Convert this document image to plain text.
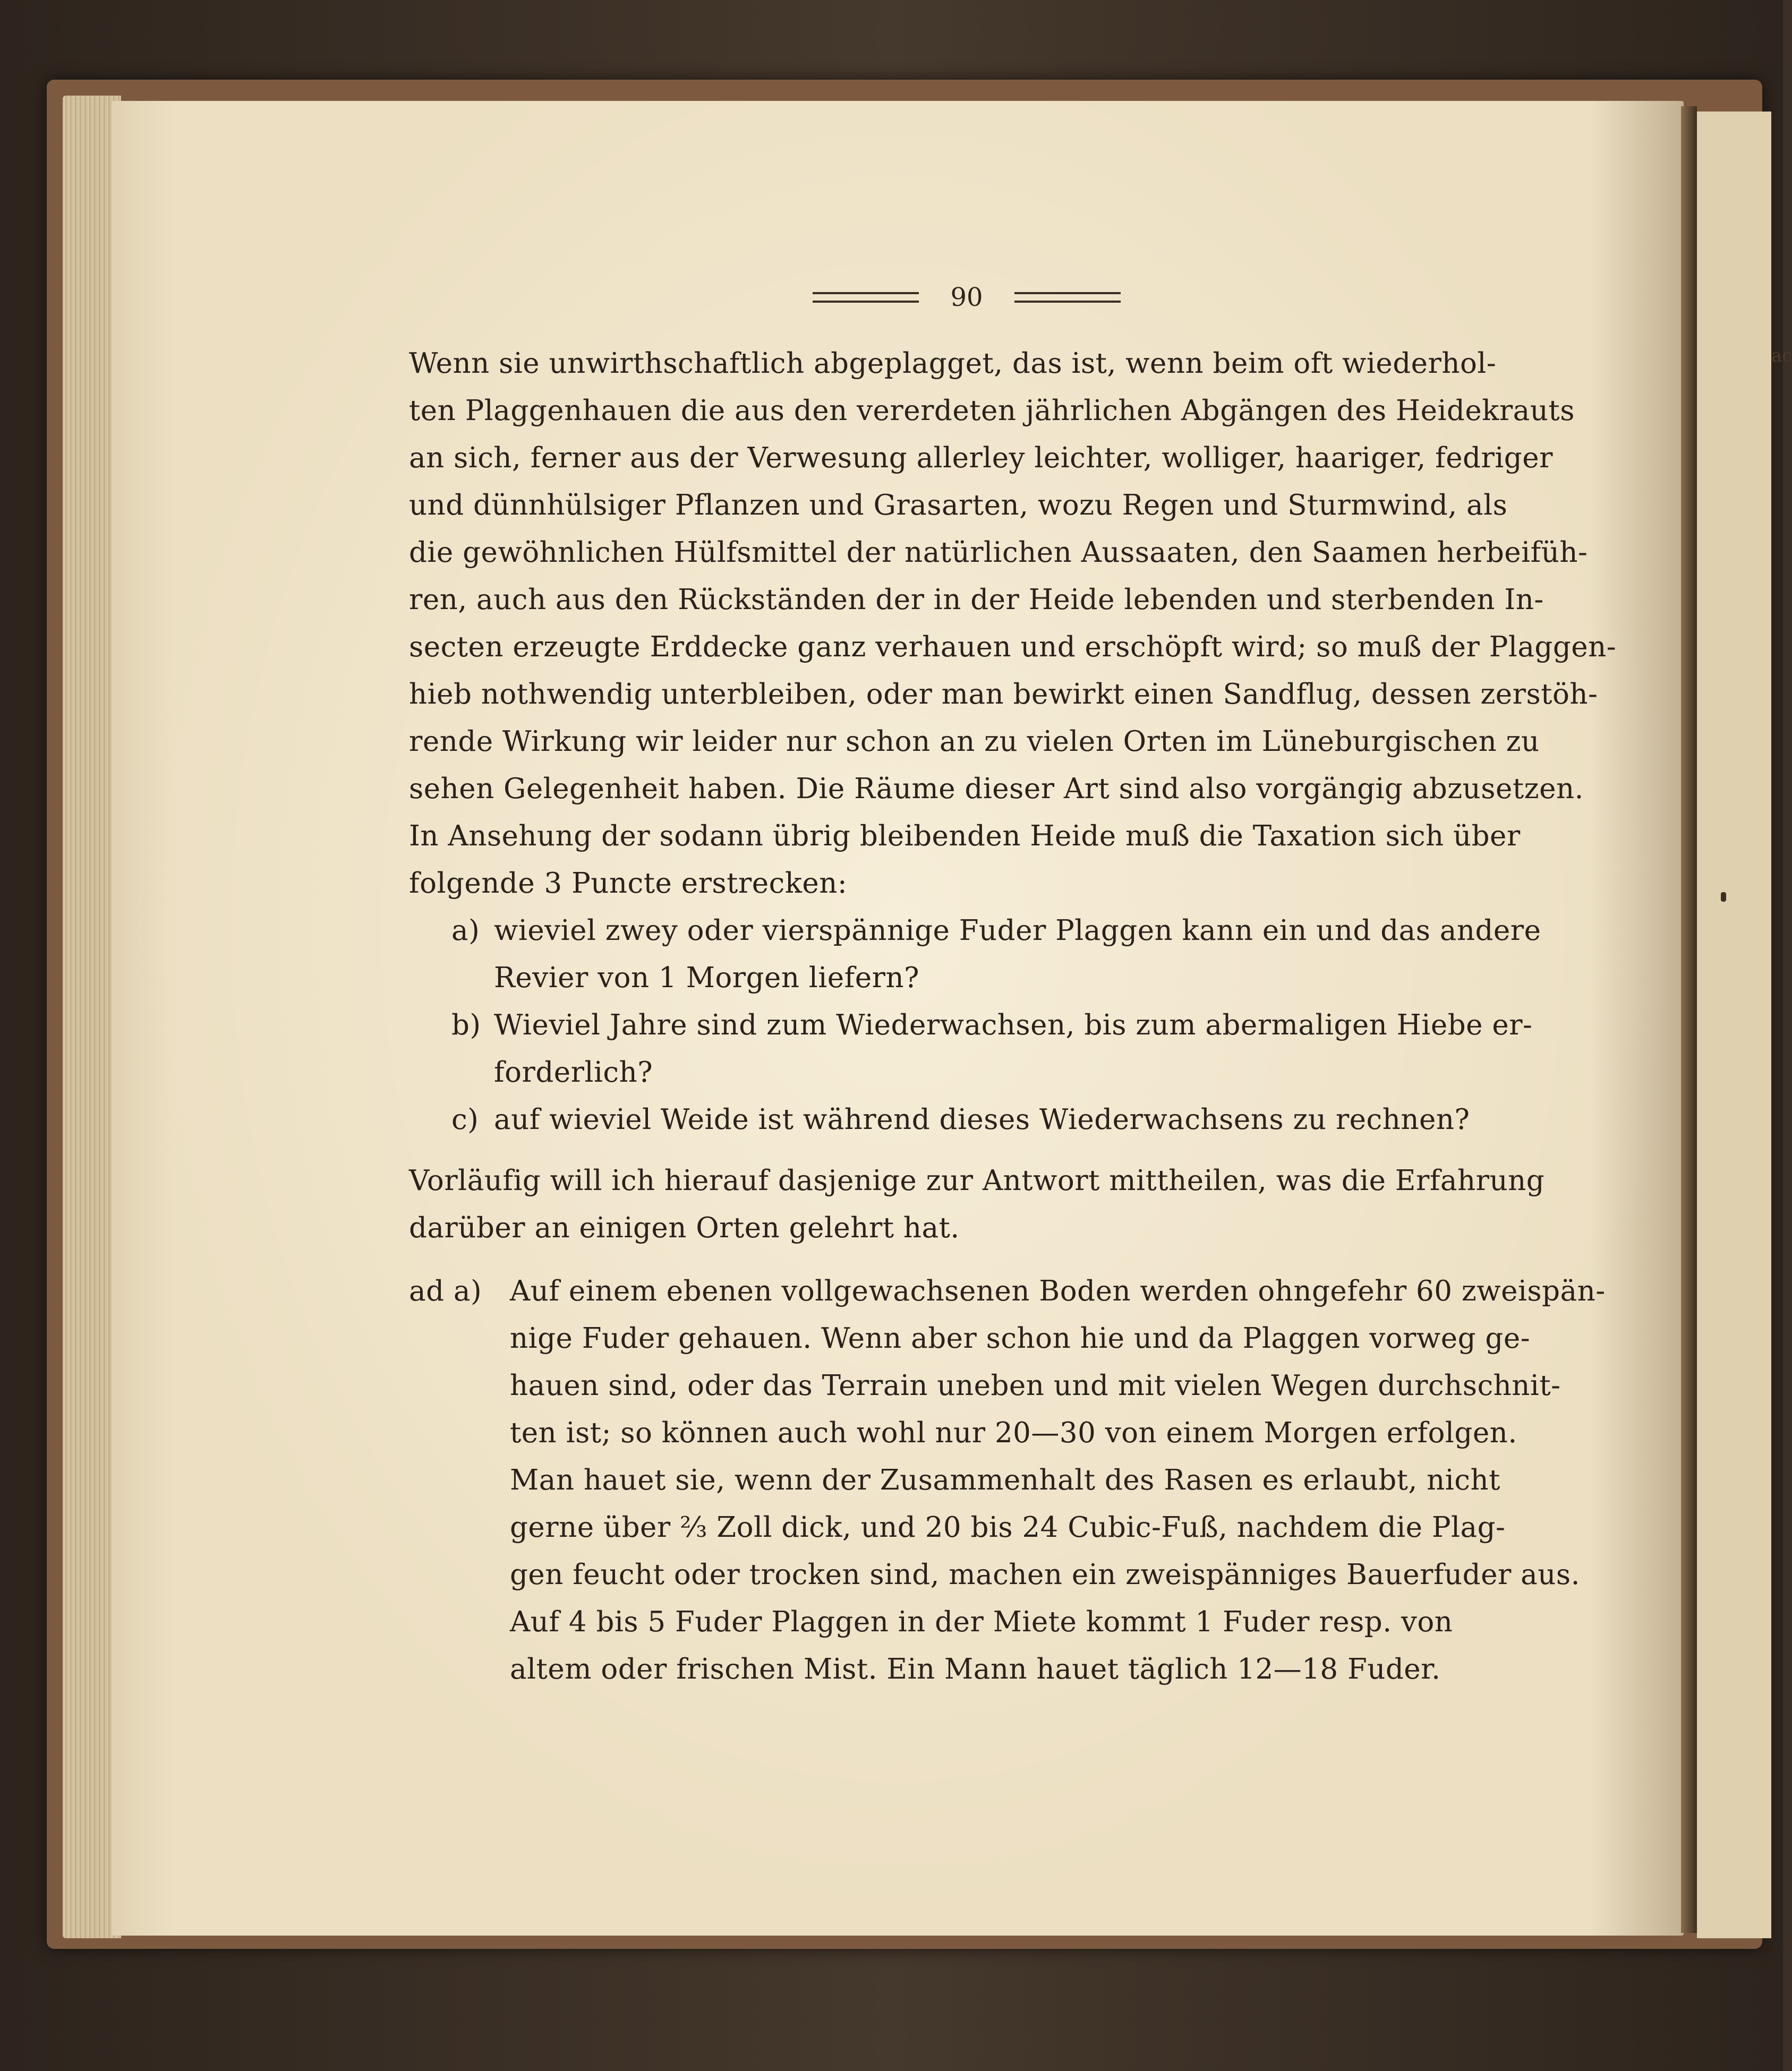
ac
90
Wenn sie unwirthschaftlich abgeplagget, das ist, wenn beim oft wiederhol-
ten Plaggenhauen die aus den vererdeten jährlichen Abgängen des Heidekrauts
an sich, ferner aus der Verwesung allerley leichter, wolliger, haariger, fedriger
und dünnhülsiger Pflanzen und Grasarten, wozu Regen und Sturmwind, als
die gewöhnlichen Hülfsmittel der natürlichen Aussaaten, den Saamen herbeifüh-
ren, auch aus den Rückständen der in der Heide lebenden und sterbenden In-
secten erzeugte Erddecke ganz verhauen und erschöpft wird; so muß der Plaggen-
hieb nothwendig unterbleiben, oder man bewirkt einen Sandflug, dessen zerstöh-
rende Wirkung wir leider nur schon an zu vielen Orten im Lüneburgischen zu
sehen Gelegenheit haben. Die Räume dieser Art sind also vorgängig abzusetzen.
In Ansehung der sodann übrig bleibenden Heide muß die Taxation sich über
folgende 3 Puncte erstrecken:
a) wieviel zwey oder vierspännige Fuder Plaggen kann ein und das andere
Revier von 1 Morgen liefern?
b) Wieviel Jahre sind zum Wiederwachsen, bis zum abermaligen Hiebe er-
forderlich?
c) auf wieviel Weide ist während dieses Wiederwachsens zu rechnen?
Vorläufig will ich hierauf dasjenige zur Antwort mittheilen, was die Erfahrung
darüber an einigen Orten gelehrt hat.
ad a) Auf einem ebenen vollgewachsenen Boden werden ohngefehr 60 zweispän-
nige Fuder gehauen. Wenn aber schon hie und da Plaggen vorweg ge-
hauen sind, oder das Terrain uneben und mit vielen Wegen durchschnit-
ten ist; so können auch wohl nur 20—30 von einem Morgen erfolgen.
Man hauet sie, wenn der Zusammenhalt des Rasen es erlaubt, nicht
gerne über ⅔ Zoll dick, und 20 bis 24 Cubic-Fuß, nachdem die Plag-
gen feucht oder trocken sind, machen ein zweispänniges Bauerfuder aus.
Auf 4 bis 5 Fuder Plaggen in der Miete kommt 1 Fuder resp. von
altem oder frischen Mist. Ein Mann hauet täglich 12—18 Fuder.
